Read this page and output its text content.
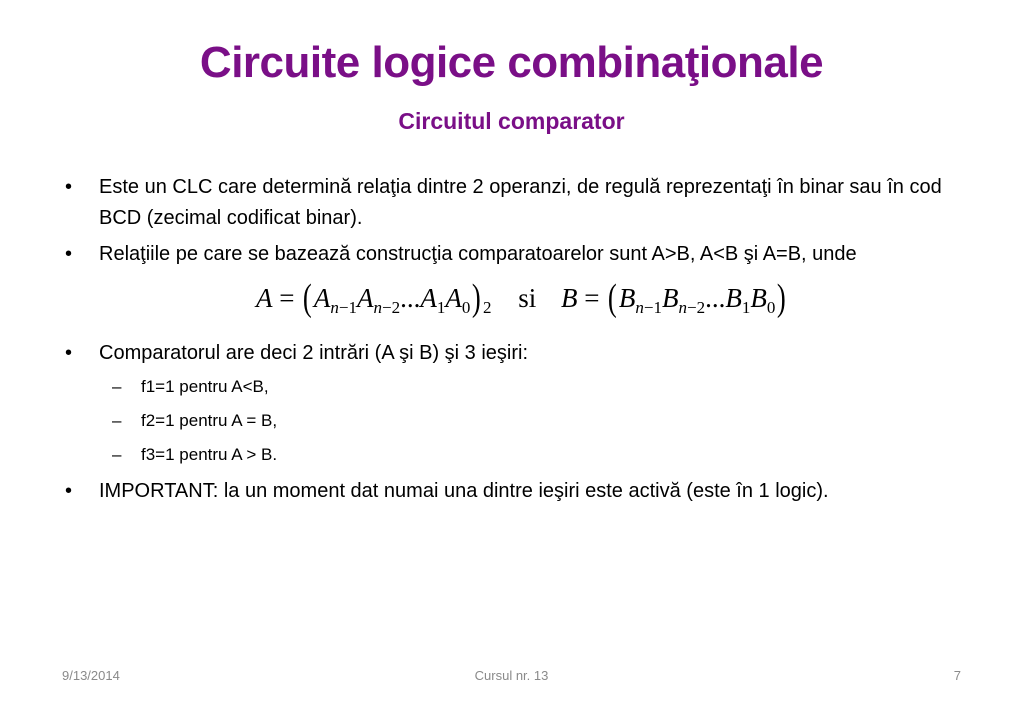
Circuite logice combinaţionale
Circuitul comparator
• Este un CLC care determină relaţia dintre 2 operanzi, de regulă reprezentaţi în binar sau în cod BCD (zecimal codificat binar).
• Relaţiile pe care se bazează construcţia comparatoarelor sunt A>B, A<B şi A=B, unde
$A = (A_{n-1}A_{n-2}...A_1A_0)$ $_2$ si $B = (B_{n-1}B_{n-2}...B_1B_0)$
• Comparatorul are deci 2 intrări (A şi B) şi 3 ieşiri:
– f1=1 pentru A<B,
– f2=1 pentru A = B,
– f3=1 pentru A > B.
• IMPORTANT: la un moment dat numai una dintre ieşiri este activă (este în 1 logic).
9/13/2014	Cursul nr. 13	7
